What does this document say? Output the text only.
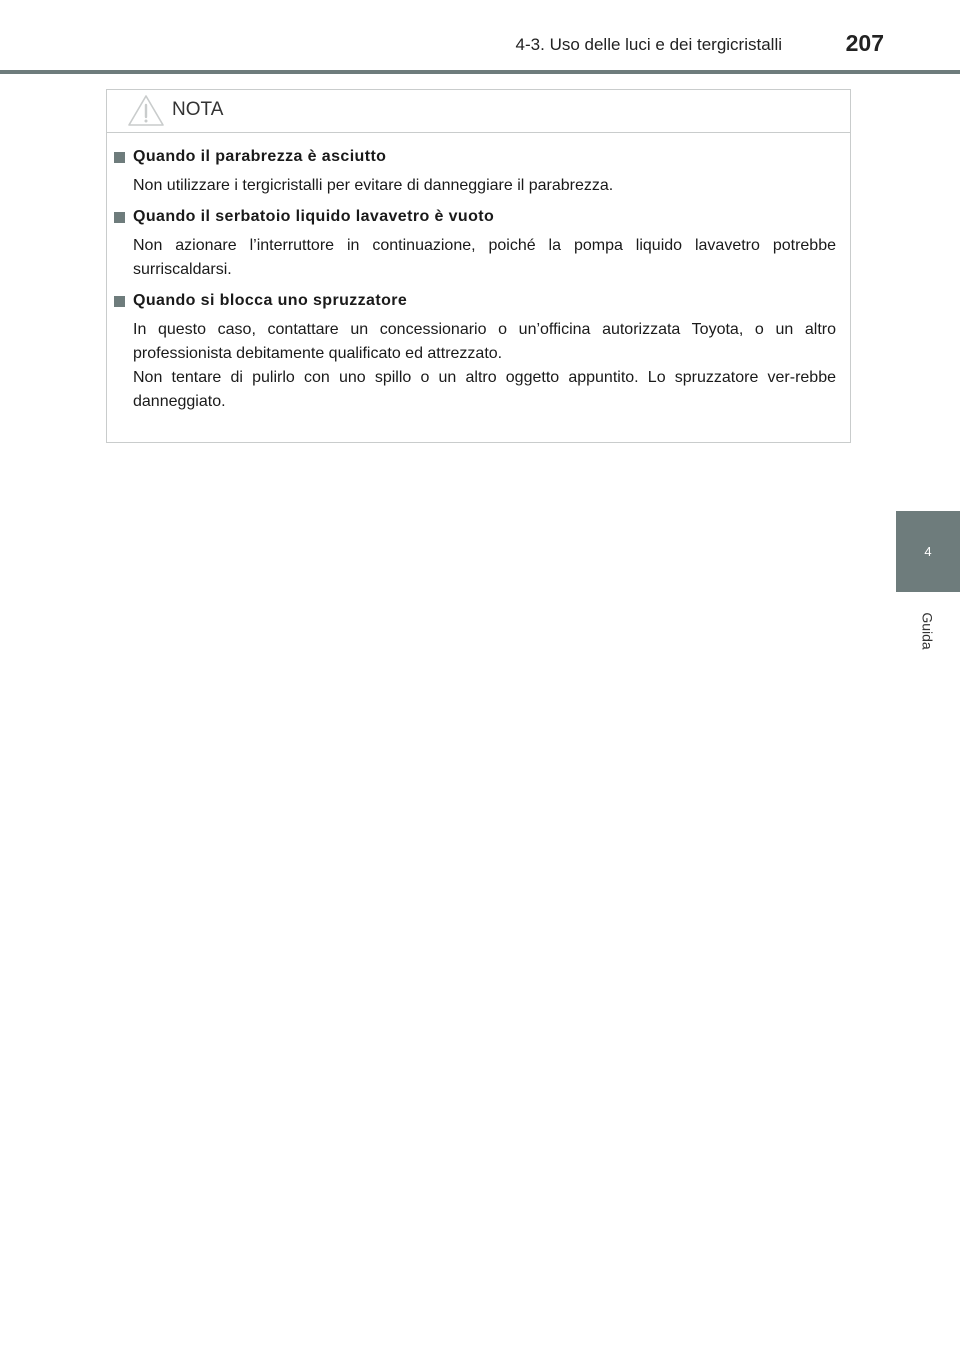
4-3. Uso delle luci e dei tergicristalli	207
4
Guida
NOTA
Quando il parabrezza è asciutto

Non utilizzare i tergicristalli per evitare di danneggiare il parabrezza.

Quando il serbatoio liquido lavavetro è vuoto

Non azionare l’interruttore in continuazione, poiché la pompa liquido lavavetro potrebbe surriscaldarsi.

Quando si blocca uno spruzzatore

In questo caso, contattare un concessionario o un’officina autorizzata Toyota, o un altro professionista debitamente qualificato ed attrezzato.

Non tentare di pulirlo con uno spillo o un altro oggetto appuntito. Lo spruzzatore ver-rebbe danneggiato.
